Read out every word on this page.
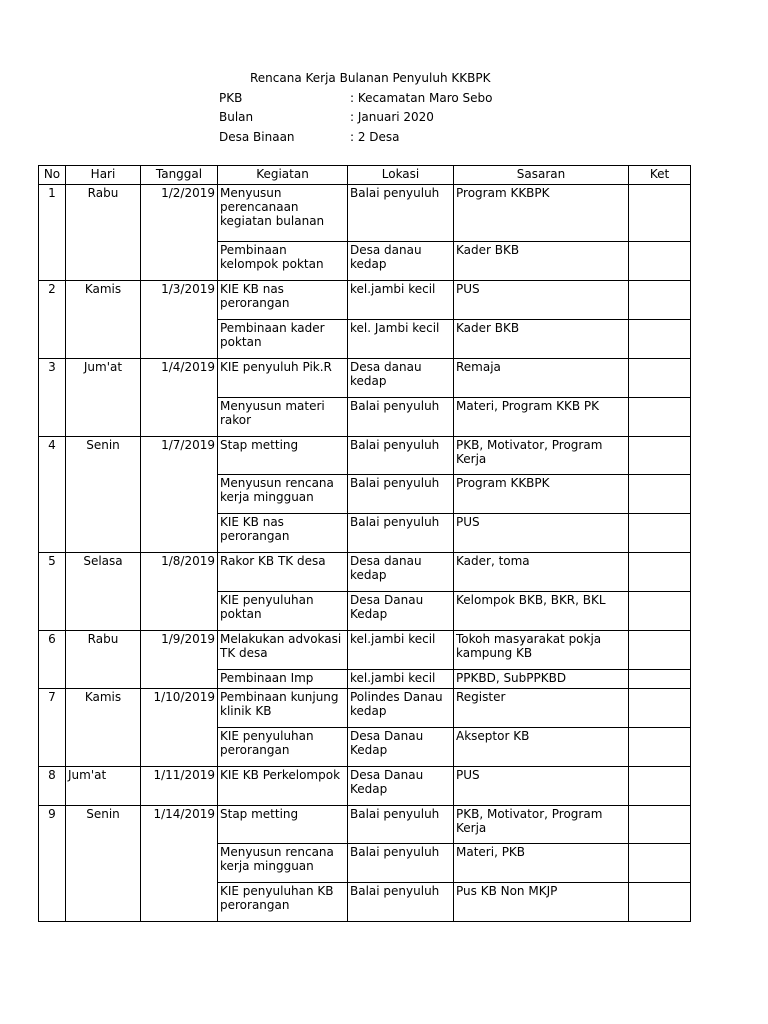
Rencana Kerja Bulanan Penyuluh KKBPK
PKB	: Kecamatan Maro Sebo
Bulan	: Januari 2020
Desa Binaan	: 2 Desa
No	Hari	Tanggal	Kegiatan	Lokasi	Sasaran	Ket
1	Rabu	1/2/2019	Menyusun perencanaan kegiatan bulanan	Balai penyuluh	Program KKBPK	
			Pembinaan kelompok poktan	Desa danau kedap	Kader BKB	
2	Kamis	1/3/2019	KIE KB nas perorangan	kel.jambi kecil	PUS	
			Pembinaan kader poktan	kel. Jambi kecil	Kader BKB	
3	Jum'at	1/4/2019	KIE penyuluh Pik.R	Desa danau kedap	Remaja	
			Menyusun materi rakor	Balai penyuluh	Materi, Program KKB PK	
4	Senin	1/7/2019	Stap metting	Balai penyuluh	PKB, Motivator, Program Kerja	
			Menyusun rencana kerja mingguan	Balai penyuluh	Program KKBPK	
			KIE KB nas perorangan	Balai penyuluh	PUS	
5	Selasa	1/8/2019	Rakor KB TK desa	Desa danau kedap	Kader, toma	
			KIE penyuluhan poktan	Desa Danau Kedap	Kelompok BKB, BKR, BKL	
6	Rabu	1/9/2019	Melakukan advokasi TK desa	kel.jambi kecil	Tokoh masyarakat pokja kampung KB	
			Pembinaan Imp	kel.jambi kecil	PPKBD, SubPPKBD	
7	Kamis	1/10/2019	Pembinaan kunjung klinik KB	Polindes Danau kedap	Register	
			KIE penyuluhan perorangan	Desa Danau Kedap	Akseptor KB	
8	Jum'at	1/11/2019	KIE KB Perkelompok	Desa Danau Kedap	PUS	
9	Senin	1/14/2019	Stap metting	Balai penyuluh	PKB, Motivator, Program Kerja	
			Menyusun rencana kerja mingguan	Balai penyuluh	Materi, PKB	
			KIE penyuluhan KB perorangan	Balai penyuluh	Pus KB Non MKJP	
